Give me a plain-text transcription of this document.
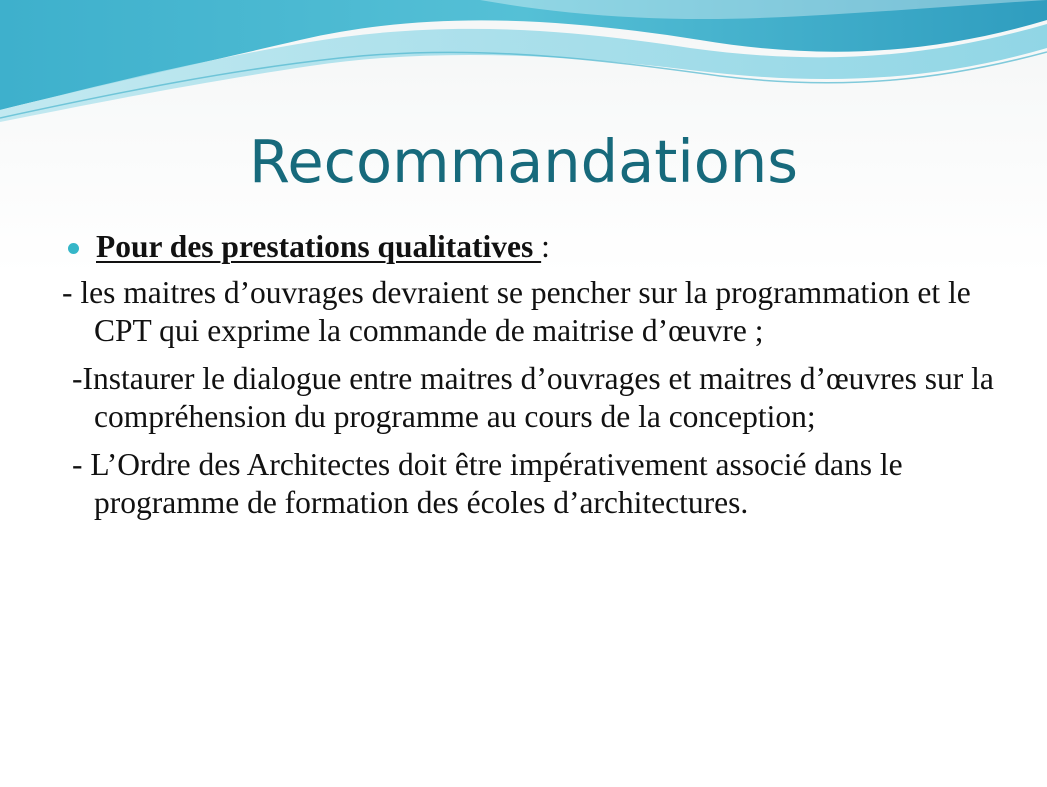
Recommandations
Pour des prestations qualitatives :
- les maitres d’ouvrages devraient se pencher sur la programmation et le CPT qui exprime la commande de maitrise d’œuvre ;
-Instaurer le dialogue entre maitres d’ouvrages et maitres d’œuvres sur la compréhension du programme au cours de la conception;
- L’Ordre des Architectes doit être impérativement associé dans le programme de formation des écoles d’architectures.
